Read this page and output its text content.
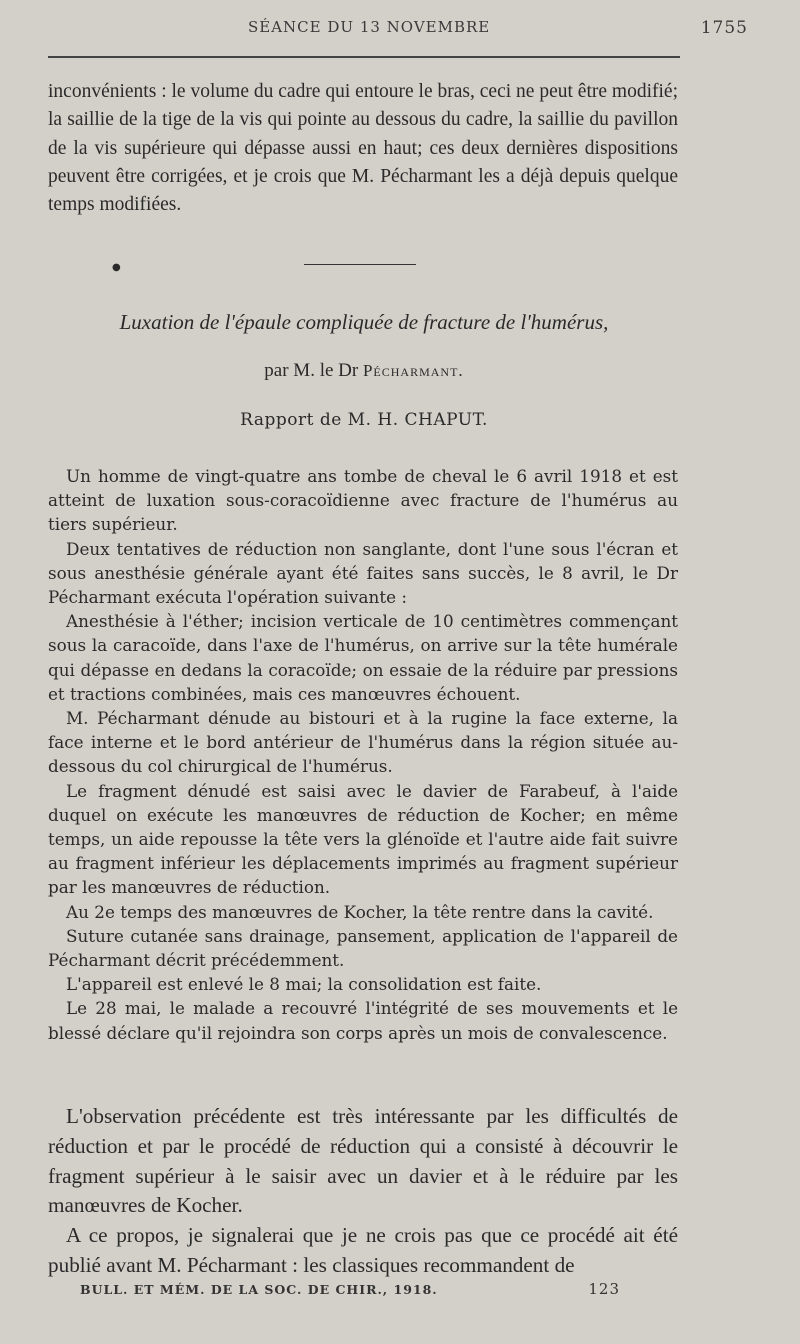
SÉANCE DU 13 NOVEMBRE	1755

inconvénients : le volume du cadre qui entoure le bras, ceci ne peut être modifié; la saillie de la tige de la vis qui pointe au dessous du cadre, la saillie du pavillon de la vis supérieure qui dépasse aussi en haut; ces deux dernières dispositions peuvent être corrigées, et je crois que M. Pécharmant les a déjà depuis quelque temps modifiées.

●
Luxation de l'épaule compliquée de fracture de l'humérus,
par M. le Dr Pécharmant.
Rapport de M. H. CHAPUT.

Un homme de vingt-quatre ans tombe de cheval le 6 avril 1918 et est atteint de luxation sous-coracoïdienne avec fracture de l'humérus au tiers supérieur.

Deux tentatives de réduction non sanglante, dont l'une sous l'écran et sous anesthésie générale ayant été faites sans succès, le 8 avril, le Dr Pécharmant exécuta l'opération suivante :

Anesthésie à l'éther; incision verticale de 10 centimètres commençant sous la caracoïde, dans l'axe de l'humérus, on arrive sur la tête humérale qui dépasse en dedans la coracoïde; on essaie de la réduire par pressions et tractions combinées, mais ces manœuvres échouent.

M. Pécharmant dénude au bistouri et à la rugine la face externe, la face interne et le bord antérieur de l'humérus dans la région située au-dessous du col chirurgical de l'humérus.

Le fragment dénudé est saisi avec le davier de Farabeuf, à l'aide duquel on exécute les manœuvres de réduction de Kocher; en même temps, un aide repousse la tête vers la glénoïde et l'autre aide fait suivre au fragment inférieur les déplacements imprimés au fragment supérieur par les manœuvres de réduction.

Au 2e temps des manœuvres de Kocher, la tête rentre dans la cavité.

Suture cutanée sans drainage, pansement, application de l'appareil de Pécharmant décrit précédemment.

L'appareil est enlevé le 8 mai; la consolidation est faite.

Le 28 mai, le malade a recouvré l'intégrité de ses mouvements et le blessé déclare qu'il rejoindra son corps après un mois de convalescence.

L'observation précédente est très intéressante par les difficultés de réduction et par le procédé de réduction qui a consisté à découvrir le fragment supérieur à le saisir avec un davier et à le réduire par les manœuvres de Kocher.

A ce propos, je signalerai que je ne crois pas que ce procédé ait été publié avant M. Pécharmant : les classiques recommandent de

BULL. ET MÉM. DE LA SOC. DE CHIR., 1918.	123
